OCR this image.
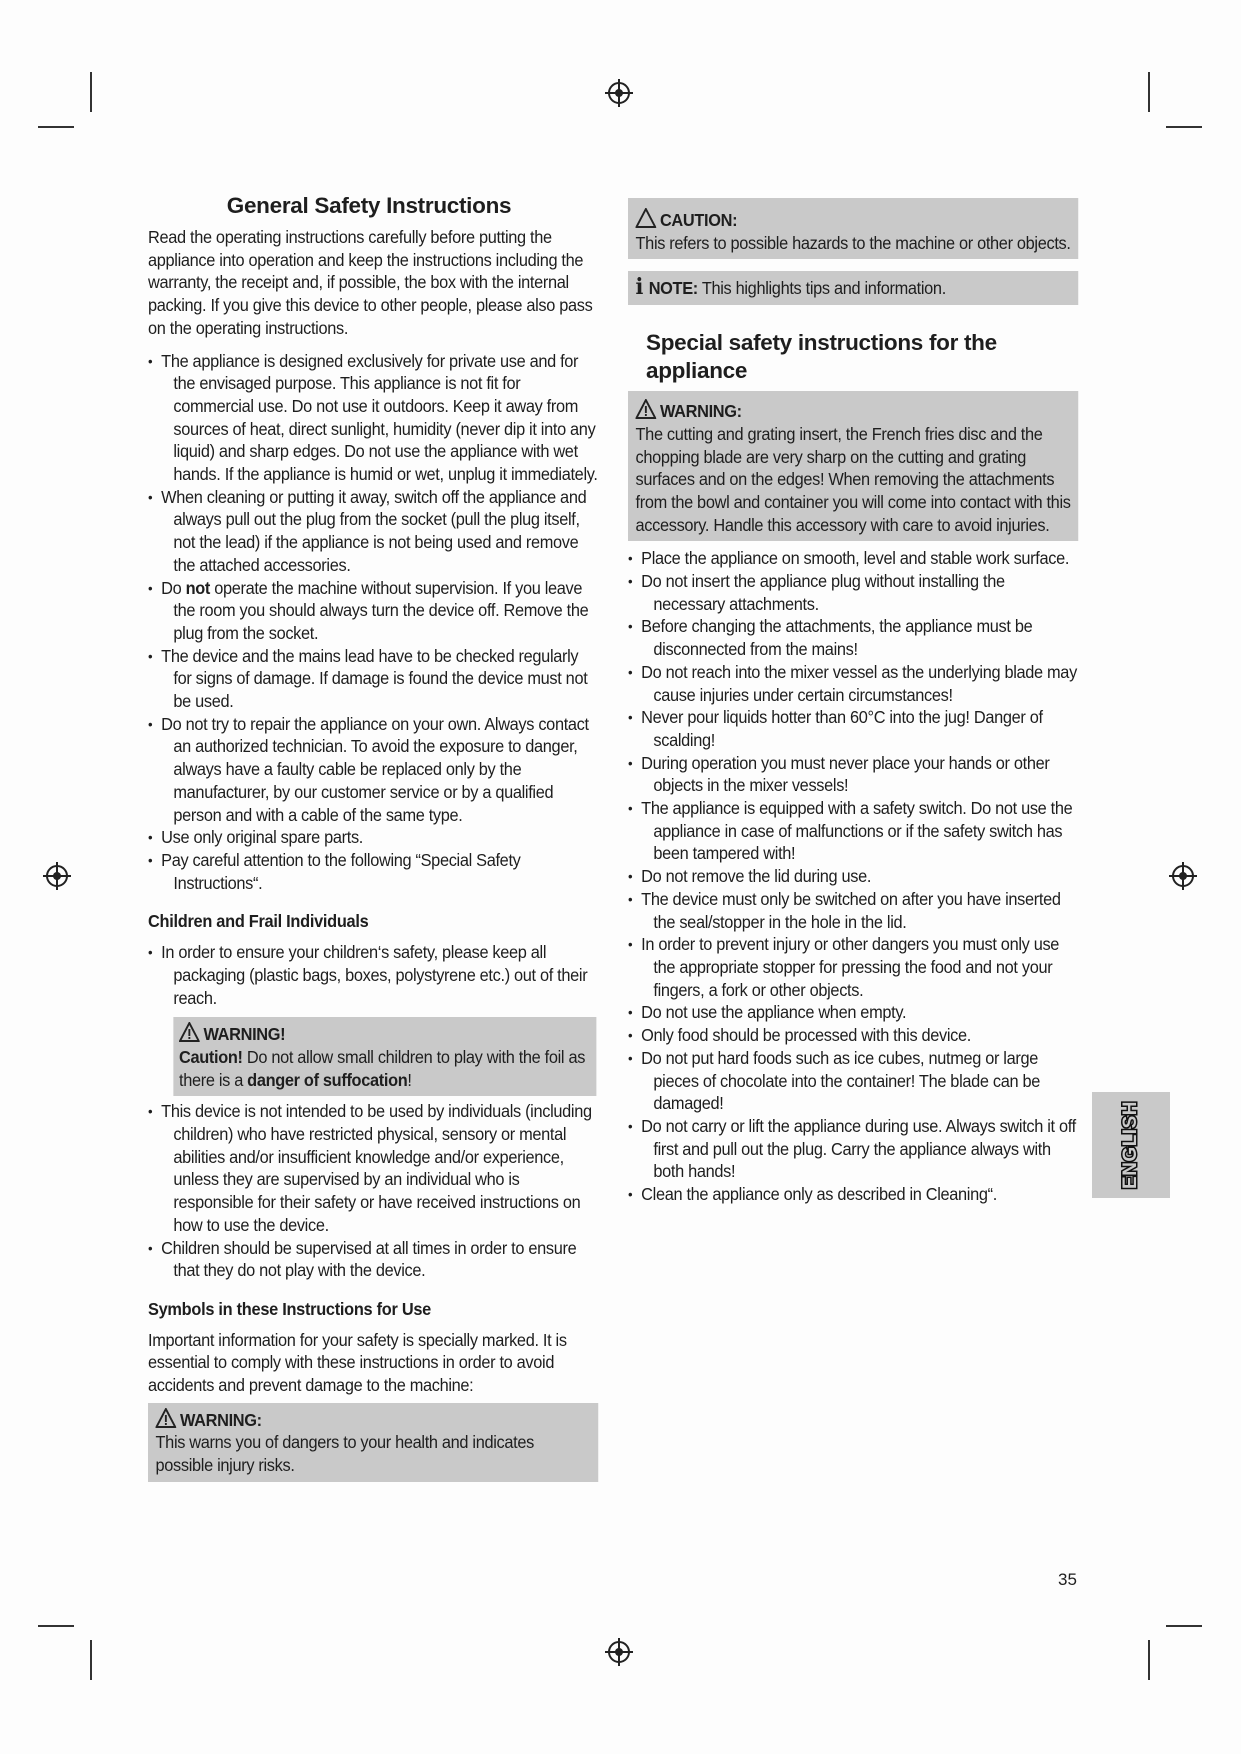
General Safety Instructions

Read the operating instructions carefully before putting the appliance into operation and keep the instructions including the warranty, the receipt and, if possible, the box with the internal packing. If you give this device to other people, please also pass on the operating instructions.

• The appliance is designed exclusively for private use and for the envisaged purpose. This appliance is not fit for commercial use. Do not use it outdoors. Keep it away from sources of heat, direct sunlight, humidity (never dip it into any liquid) and sharp edges. Do not use the appliance with wet hands. If the appliance is humid or wet, unplug it immediately.
• When cleaning or putting it away, switch off the appliance and always pull out the plug from the socket (pull the plug itself, not the lead) if the appliance is not being used and remove the attached accessories.
• Do not operate the machine without supervision. If you leave the room you should always turn the device off. Remove the plug from the socket.
• The device and the mains lead have to be checked regularly for signs of damage. If damage is found the device must not be used.
• Do not try to repair the appliance on your own. Always contact an authorized technician. To avoid the exposure to danger, always have a faulty cable be replaced only by the manufacturer, by our customer service or by a qualified person and with a cable of the same type.
• Use only original spare parts.
• Pay careful attention to the following “Special Safety Instructions“.
Children and Frail Individuals
• In order to ensure your children‘s safety, please keep all packaging (plastic bags, boxes, polystyrene etc.) out of their reach.
WARNING!
Caution! Do not allow small children to play with the foil as there is a danger of suffocation!
• This device is not intended to be used by individuals (including children) who have restricted physical, sensory or mental abilities and/or insufficient knowledge and/or experience, unless they are supervised by an individual who is responsible for their safety or have received instructions on how to use the device.
• Children should be supervised at all times in order to ensure that they do not play with the device.
Symbols in these Instructions for Use

Important information for your safety is specially marked. It is essential to comply with these instructions in order to avoid accidents and prevent damage to the machine:

WARNING:
This warns you of dangers to your health and indicates possible injury risks.
CAUTION:
This refers to possible hazards to the machine or other objects.
i NOTE: This highlights tips and information.
Special safety instructions for the appliance
WARNING:
The cutting and grating insert, the French fries disc and the chopping blade are very sharp on the cutting and grating surfaces and on the edges! When removing the attachments from the bowl and container you will come into contact with this accessory. Handle this accessory with care to avoid injuries.
• Place the appliance on smooth, level and stable work surface.
• Do not insert the appliance plug without installing the necessary attachments.
• Before changing the attachments, the appliance must be disconnected from the mains!
• Do not reach into the mixer vessel as the underlying blade may cause injuries under certain circumstances!
• Never pour liquids hotter than 60°C into the jug! Danger of scalding!
• During operation you must never place your hands or other objects in the mixer vessels!
• The appliance is equipped with a safety switch. Do not use the appliance in case of malfunctions or if the safety switch has been tampered with!
• Do not remove the lid during use.
• The device must only be switched on after you have inserted the seal/stopper in the hole in the lid.
• In order to prevent injury or other dangers you must only use the appropriate stopper for pressing the food and not your fingers, a fork or other objects.
• Do not use the appliance when empty.
• Only food should be processed with this device.
• Do not put hard foods such as ice cubes, nutmeg or large pieces of chocolate into the container! The blade can be damaged!
• Do not carry or lift the appliance during use. Always switch it off first and pull out the plug. Carry the appliance always with both hands!
• Clean the appliance only as described in Cleaning“.
ENGLISH
35
